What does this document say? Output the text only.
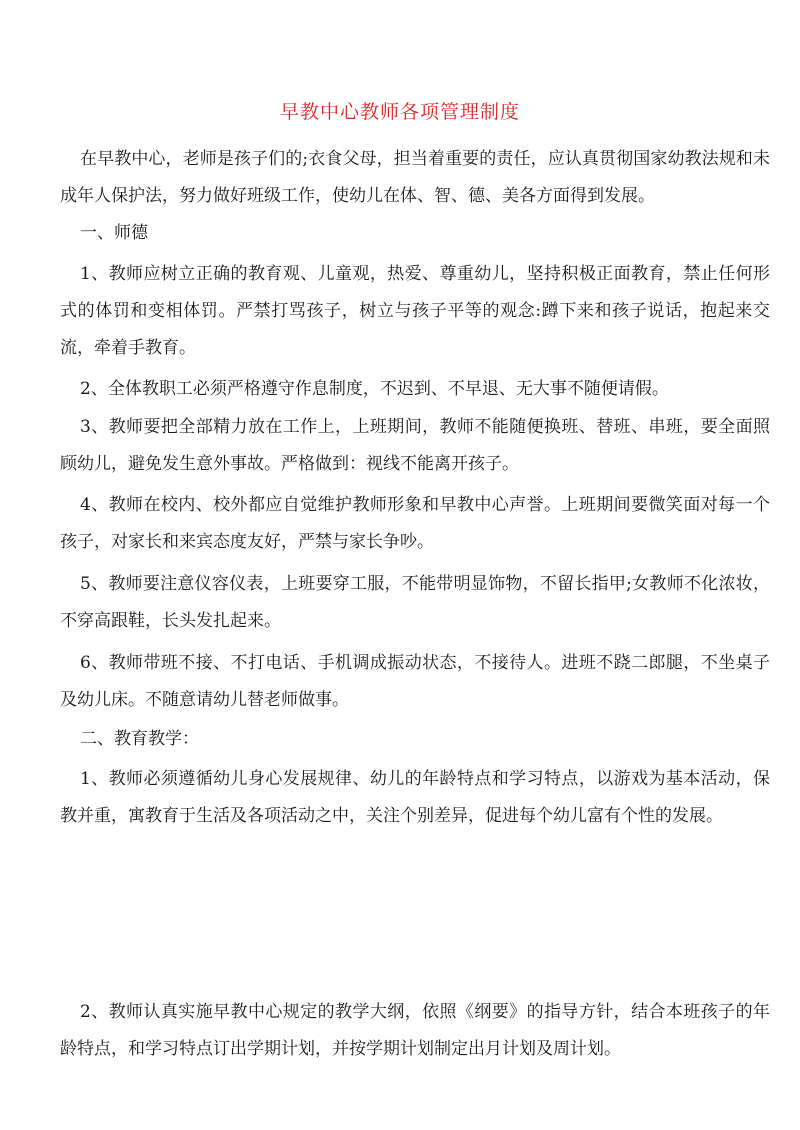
早教中心教师各项管理制度

在早教中心，老师是孩子们的;衣食父母，担当着重要的责任，应认真贯彻国家幼教法规和未成年人保护法，努力做好班级工作，使幼儿在体、智、德、美各方面得到发展。

一、师德

1、教师应树立正确的教育观、儿童观，热爱、尊重幼儿，坚持积极正面教育，禁止任何形式的体罚和变相体罚。严禁打骂孩子，树立与孩子平等的观念:蹲下来和孩子说话，抱起来交流，牵着手教育。

2、全体教职工必须严格遵守作息制度，不迟到、不早退、无大事不随便请假。

3、教师要把全部精力放在工作上，上班期间，教师不能随便换班、替班、串班，要全面照顾幼儿，避免发生意外事故。严格做到：视线不能离开孩子。

4、教师在校内、校外都应自觉维护教师形象和早教中心声誉。上班期间要微笑面对每一个孩子，对家长和来宾态度友好，严禁与家长争吵。

5、教师要注意仪容仪表，上班要穿工服，不能带明显饰物，不留长指甲;女教师不化浓妆，不穿高跟鞋，长头发扎起来。

6、教师带班不接、不打电话、手机调成振动状态，不接待人。进班不跷二郎腿，不坐桌子及幼儿床。不随意请幼儿替老师做事。

二、教育教学：

1、教师必须遵循幼儿身心发展规律、幼儿的年龄特点和学习特点，以游戏为基本活动，保教并重，寓教育于生活及各项活动之中，关注个别差异，促进每个幼儿富有个性的发展。

2、教师认真实施早教中心规定的教学大纲，依照《纲要》的指导方针，结合本班孩子的年龄特点，和学习特点订出学期计划，并按学期计划制定出月计划及周计划。
